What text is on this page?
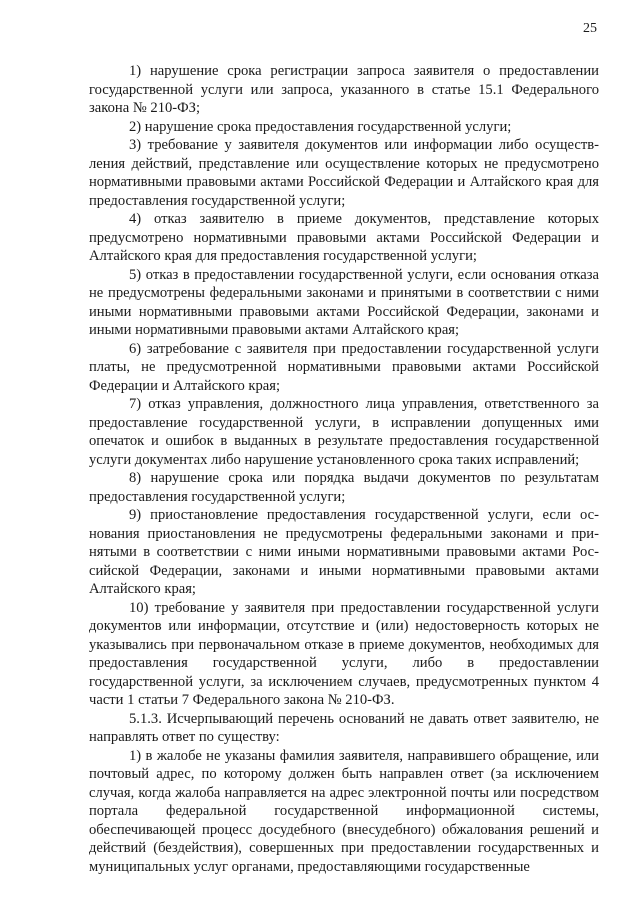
25

1) нарушение срока регистрации запроса заявителя о предоставлении государственной услуги или запроса, указанного в статье 15.1 Федерального закона № 210-ФЗ;

2) нарушение срока предоставления государственной услуги;

3) требование у заявителя документов или информации либо осуществления действий, представление или осуществление которых не предусмотрено нормативными правовыми актами Российской Федерации и Алтайского края для предоставления государственной услуги;

4) отказ заявителю в приеме документов, представление которых предусмотрено нормативными правовыми актами Российской Федерации и Алтайского края для предоставления государственной услуги;

5) отказ в предоставлении государственной услуги, если основания отказа не предусмотрены федеральными законами и принятыми в соответствии с ними иными нормативными правовыми актами Российской Федерации, законами и иными нормативными правовыми актами Алтайского края;

6) затребование с заявителя при предоставлении государственной услуги платы, не предусмотренной нормативными правовыми актами Российской Федерации и Алтайского края;

7) отказ управления, должностного лица управления, ответственного за предоставление государственной услуги, в исправлении допущенных ими опечаток и ошибок в выданных в результате предоставления государственной услуги документах либо нарушение установленного срока таких исправлений;

8) нарушение срока или порядка выдачи документов по результатам предоставления государственной услуги;

9) приостановление предоставления государственной услуги, если основания приостановления не предусмотрены федеральными законами и принятыми в соответствии с ними иными нормативными правовыми актами Российской Федерации, законами и иными нормативными правовыми актами Алтайского края;

10) требование у заявителя при предоставлении государственной услуги документов или информации, отсутствие и (или) недостоверность которых не указывались при первоначальном отказе в приеме документов, необходимых для предоставления государственной услуги, либо в предоставлении государственной услуги, за исключением случаев, предусмотренных пунктом 4 части 1 статьи 7 Федерального закона № 210-ФЗ.

5.1.3. Исчерпывающий перечень оснований не давать ответ заявителю, не направлять ответ по существу:

1) в жалобе не указаны фамилия заявителя, направившего обращение, или почтовый адрес, по которому должен быть направлен ответ (за исключением случая, когда жалоба направляется на адрес электронной почты или посредством портала федеральной государственной информационной системы, обеспечивающей процесс досудебного (внесудебного) обжалования решений и действий (бездействия), совершенных при предоставлении государственных и муниципальных услуг органами, предоставляющими государственные
